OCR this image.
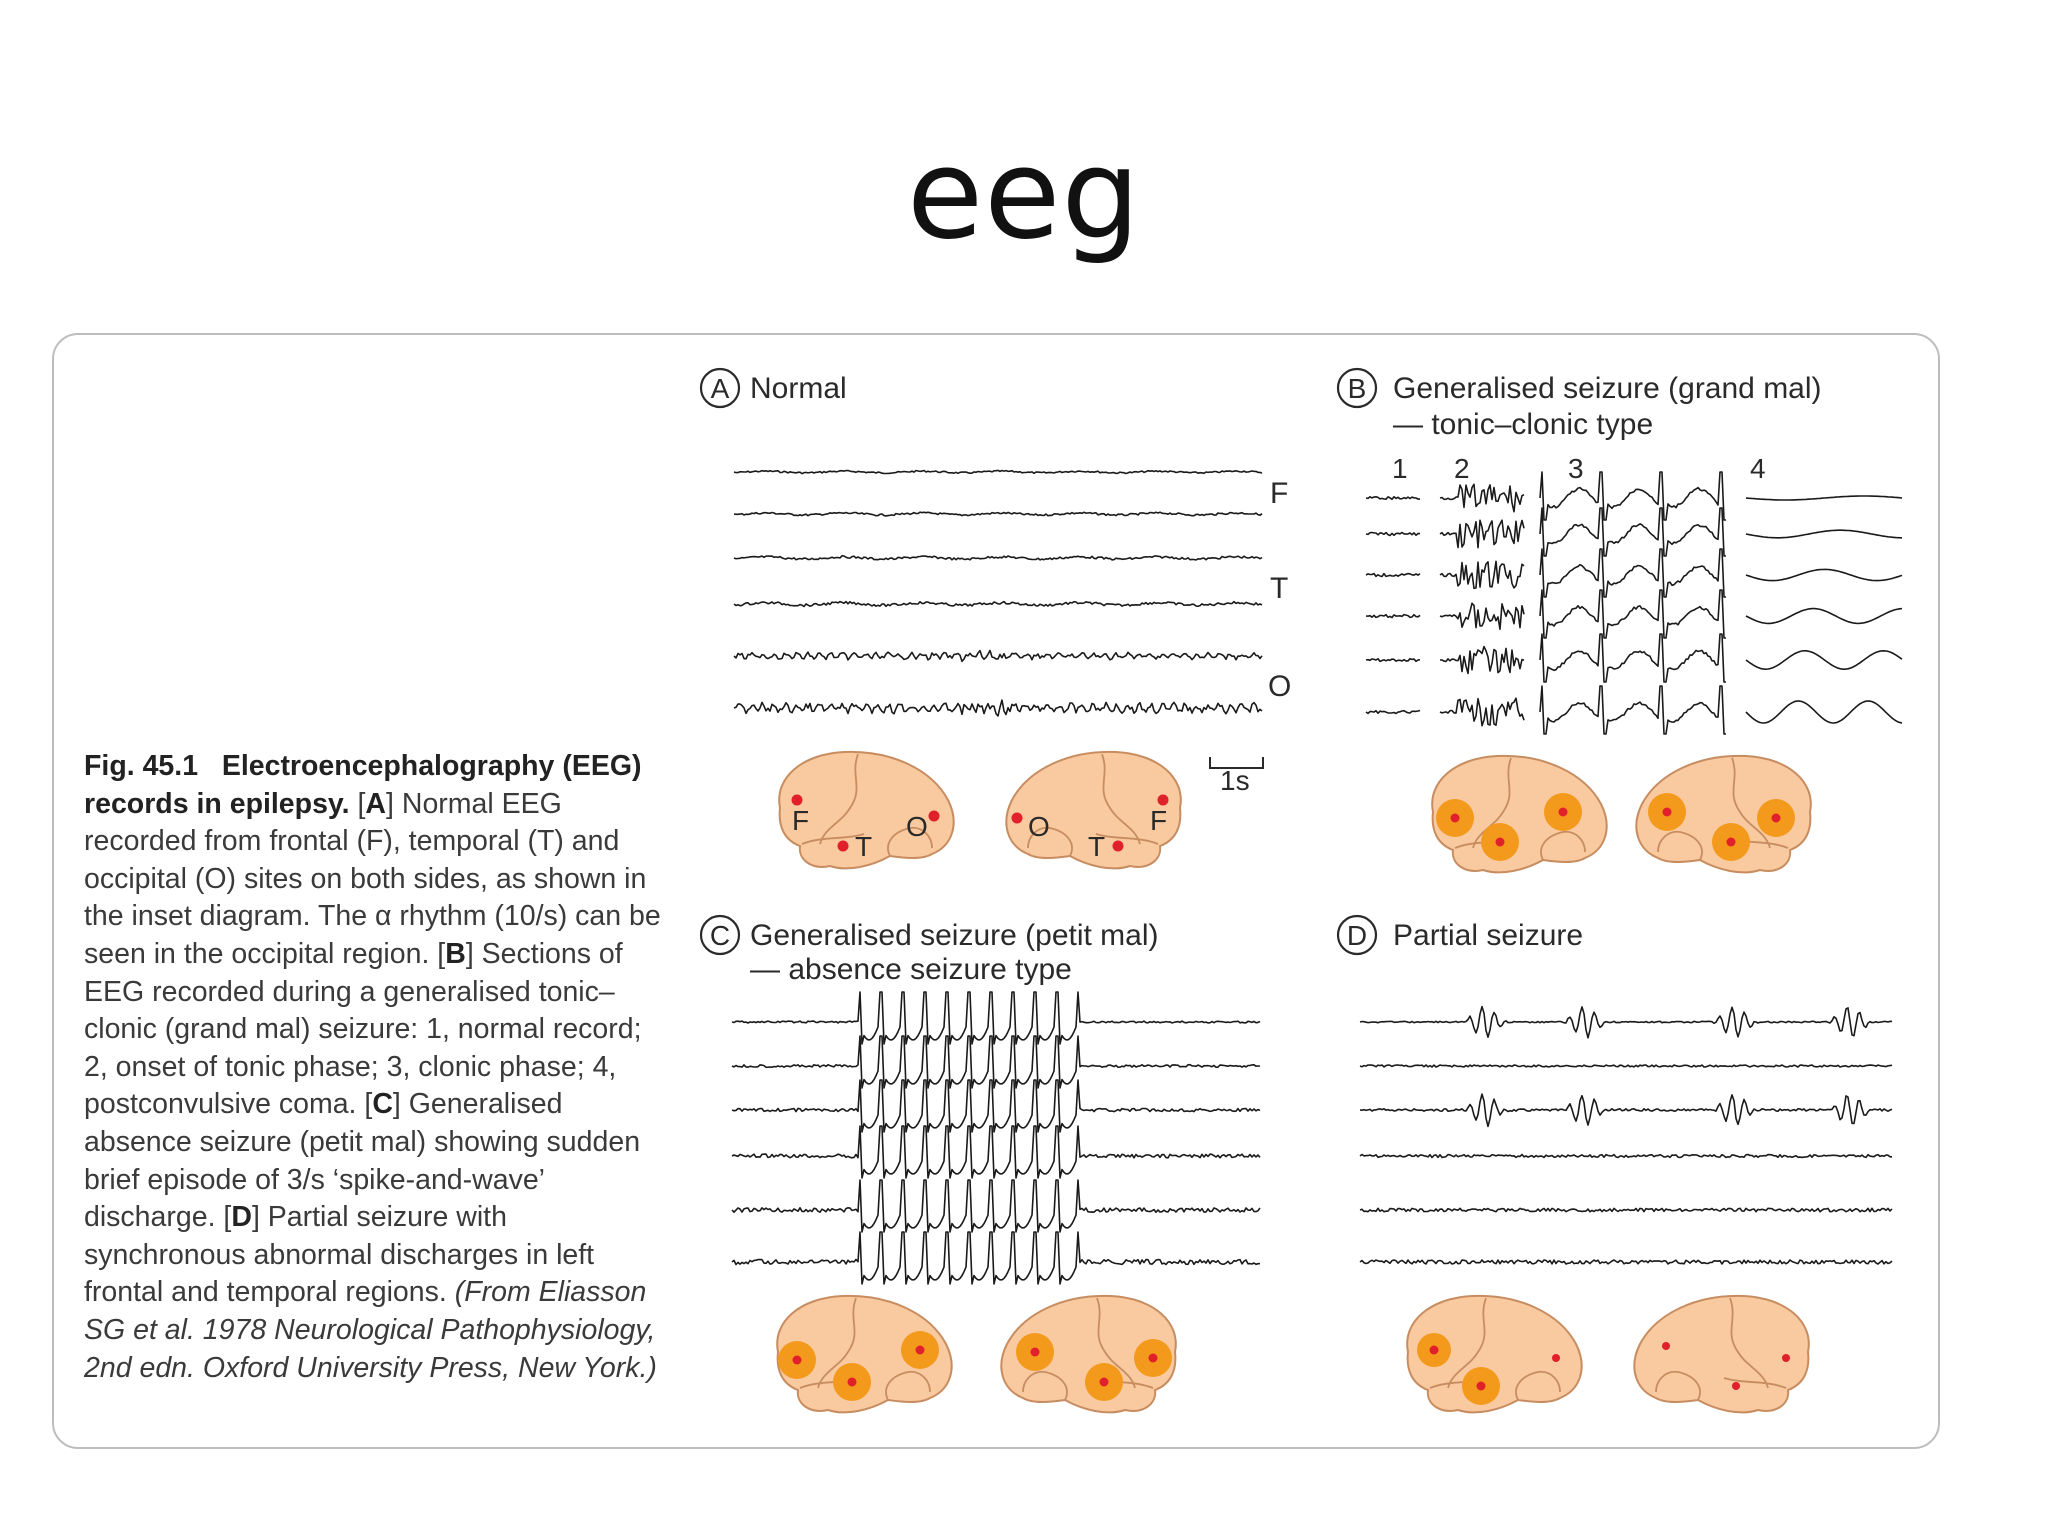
eeg
Fig. 45.1 Electroencephalography (EEG) records in epilepsy. [A] Normal EEG recorded from frontal (F), temporal (T) and occipital (O) sites on both sides, as shown in the inset diagram. The α rhythm (10/s) can be seen in the occipital region. [B] Sections of EEG recorded during a generalised tonic–clonic (grand mal) seizure: 1, normal record; 2, onset of tonic phase; 3, clonic phase; 4, postconvulsive coma. [C] Generalised absence seizure (petit mal) showing sudden brief episode of 3/s ‘spike-and-wave’ discharge. [D] Partial seizure with synchronous abnormal discharges in left frontal and temporal regions. (From Eliasson SG et al. 1978 Neurological Pathophysiology, 2nd edn. Oxford University Press, New York.)
A Normal
F
T
O
1s
F
T
O	O
T
F
B Generalised seizure (grand mal)
— tonic–clonic type
1 2	3	4
C Generalised seizure (petit mal)
— absence seizure type
D Partial seizure
